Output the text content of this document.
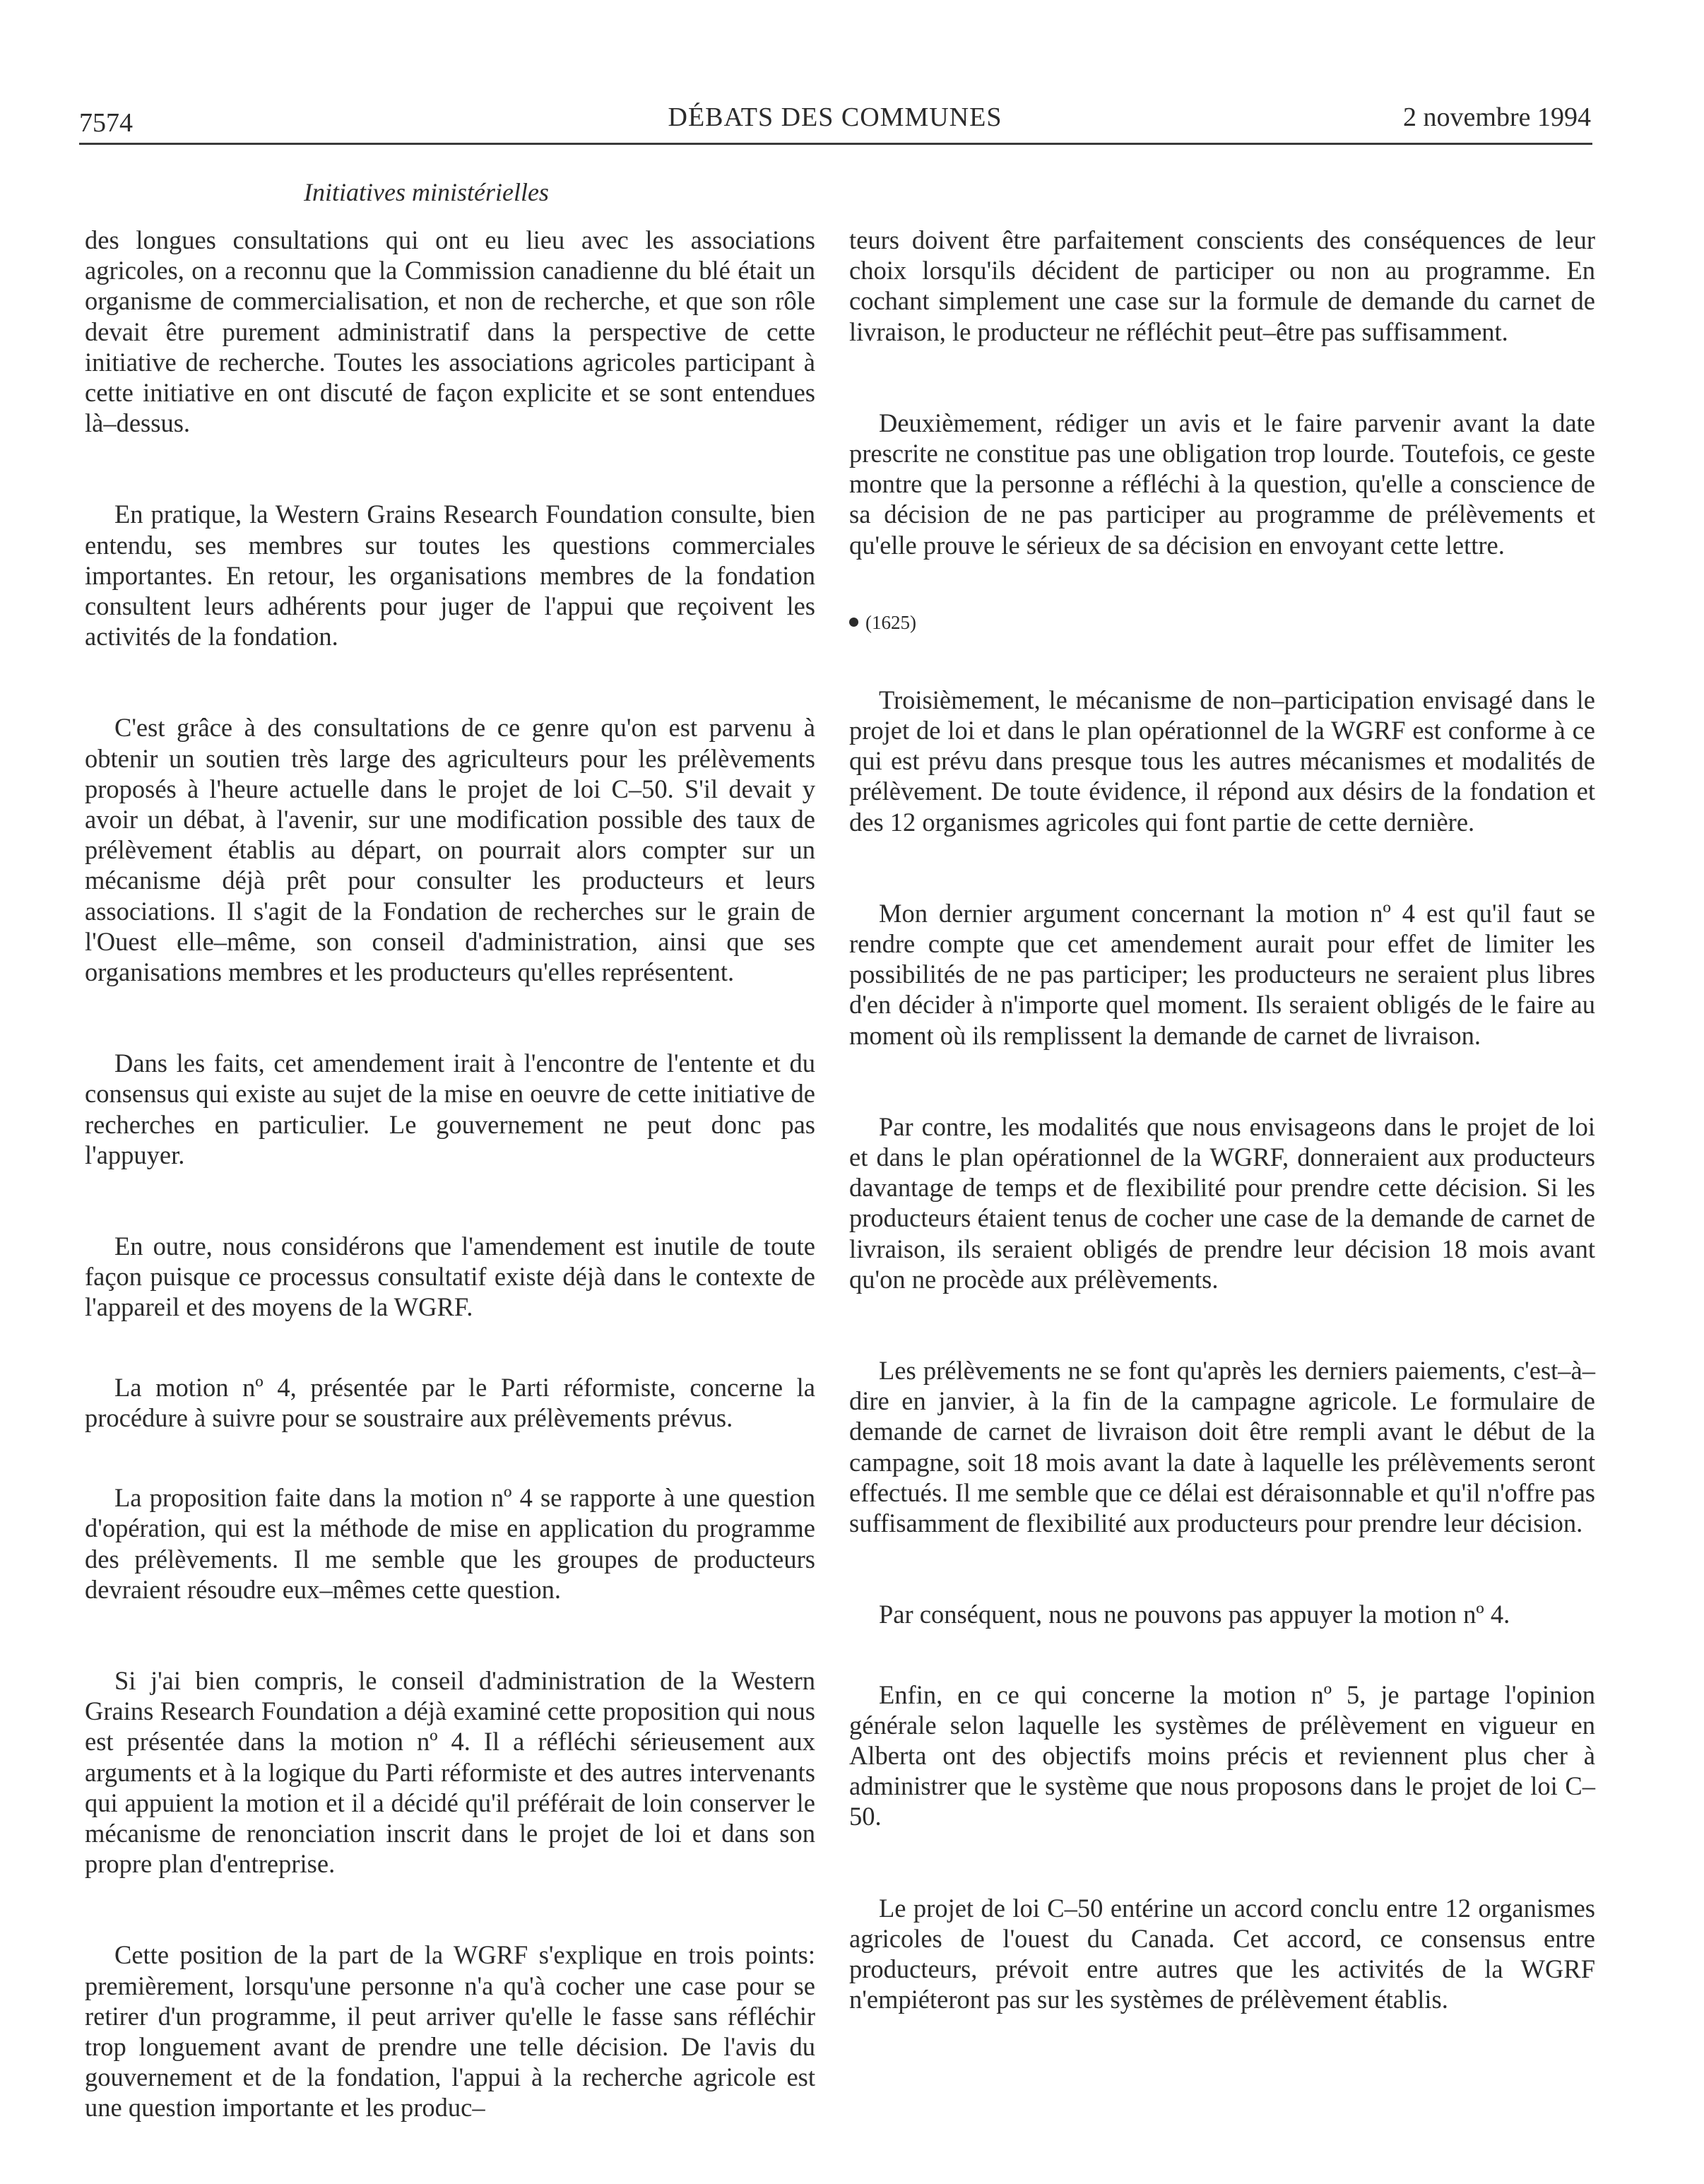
7574	DÉBATS DES COMMUNES	2 novembre 1994
Initiatives ministérielles

des longues consultations qui ont eu lieu avec les associations agricoles, on a reconnu que la Commission canadienne du blé était un organisme de commercialisation, et non de recherche, et que son rôle devait être purement administratif dans la perspective de cette initiative de recherche. Toutes les associations agricoles participant à cette initiative en ont discuté de façon explicite et se sont entendues là–dessus.

En pratique, la Western Grains Research Foundation consulte, bien entendu, ses membres sur toutes les questions commerciales importantes. En retour, les organisations membres de la fondation consultent leurs adhérents pour juger de l'appui que reçoivent les activités de la fondation.

C'est grâce à des consultations de ce genre qu'on est parvenu à obtenir un soutien très large des agriculteurs pour les prélèvements proposés à l'heure actuelle dans le projet de loi C–50. S'il devait y avoir un débat, à l'avenir, sur une modification possible des taux de prélèvement établis au départ, on pourrait alors compter sur un mécanisme déjà prêt pour consulter les producteurs et leurs associations. Il s'agit de la Fondation de recherches sur le grain de l'Ouest elle–même, son conseil d'administration, ainsi que ses organisations membres et les producteurs qu'elles représentent.

Dans les faits, cet amendement irait à l'encontre de l'entente et du consensus qui existe au sujet de la mise en oeuvre de cette initiative de recherches en particulier. Le gouvernement ne peut donc pas l'appuyer.

En outre, nous considérons que l'amendement est inutile de toute façon puisque ce processus consultatif existe déjà dans le contexte de l'appareil et des moyens de la WGRF.

La motion nº 4, présentée par le Parti réformiste, concerne la procédure à suivre pour se soustraire aux prélèvements prévus.

La proposition faite dans la motion nº 4 se rapporte à une question d'opération, qui est la méthode de mise en application du programme des prélèvements. Il me semble que les groupes de producteurs devraient résoudre eux–mêmes cette question.

Si j'ai bien compris, le conseil d'administration de la Western Grains Research Foundation a déjà examiné cette proposition qui nous est présentée dans la motion nº 4. Il a réfléchi sérieusement aux arguments et à la logique du Parti réformiste et des autres intervenants qui appuient la motion et il a décidé qu'il préférait de loin conserver le mécanisme de renonciation inscrit dans le projet de loi et dans son propre plan d'entreprise.

Cette position de la part de la WGRF s'explique en trois points: premièrement, lorsqu'une personne n'a qu'à cocher une case pour se retirer d'un programme, il peut arriver qu'elle le fasse sans réfléchir trop longuement avant de prendre une telle décision. De l'avis du gouvernement et de la fondation, l'appui à la recherche agricole est une question importante et les produc–

teurs doivent être parfaitement conscients des conséquences de leur choix lorsqu'ils décident de participer ou non au programme. En cochant simplement une case sur la formule de demande du carnet de livraison, le producteur ne réfléchit peut–être pas suffisamment.

Deuxièmement, rédiger un avis et le faire parvenir avant la date prescrite ne constitue pas une obligation trop lourde. Toutefois, ce geste montre que la personne a réfléchi à la question, qu'elle a conscience de sa décision de ne pas participer au programme de prélèvements et qu'elle prouve le sérieux de sa décision en envoyant cette lettre.

(1625)

Troisièmement, le mécanisme de non–participation envisagé dans le projet de loi et dans le plan opérationnel de la WGRF est conforme à ce qui est prévu dans presque tous les autres mécanismes et modalités de prélèvement. De toute évidence, il répond aux désirs de la fondation et des 12 organismes agricoles qui font partie de cette dernière.

Mon dernier argument concernant la motion nº 4 est qu'il faut se rendre compte que cet amendement aurait pour effet de limiter les possibilités de ne pas participer; les producteurs ne seraient plus libres d'en décider à n'importe quel moment. Ils seraient obligés de le faire au moment où ils remplissent la demande de carnet de livraison.

Par contre, les modalités que nous envisageons dans le projet de loi et dans le plan opérationnel de la WGRF, donneraient aux producteurs davantage de temps et de flexibilité pour prendre cette décision. Si les producteurs étaient tenus de cocher une case de la demande de carnet de livraison, ils seraient obligés de prendre leur décision 18 mois avant qu'on ne procède aux prélèvements.

Les prélèvements ne se font qu'après les derniers paiements, c'est–à–dire en janvier, à la fin de la campagne agricole. Le formulaire de demande de carnet de livraison doit être rempli avant le début de la campagne, soit 18 mois avant la date à laquelle les prélèvements seront effectués. Il me semble que ce délai est déraisonnable et qu'il n'offre pas suffisamment de flexibilité aux producteurs pour prendre leur décision.

Par conséquent, nous ne pouvons pas appuyer la motion nº 4.

Enfin, en ce qui concerne la motion nº 5, je partage l'opinion générale selon laquelle les systèmes de prélèvement en vigueur en Alberta ont des objectifs moins précis et reviennent plus cher à administrer que le système que nous proposons dans le projet de loi C–50.

Le projet de loi C–50 entérine un accord conclu entre 12 organismes agricoles de l'ouest du Canada. Cet accord, ce consensus entre producteurs, prévoit entre autres que les activités de la WGRF n'empiéteront pas sur les systèmes de prélèvement établis.
